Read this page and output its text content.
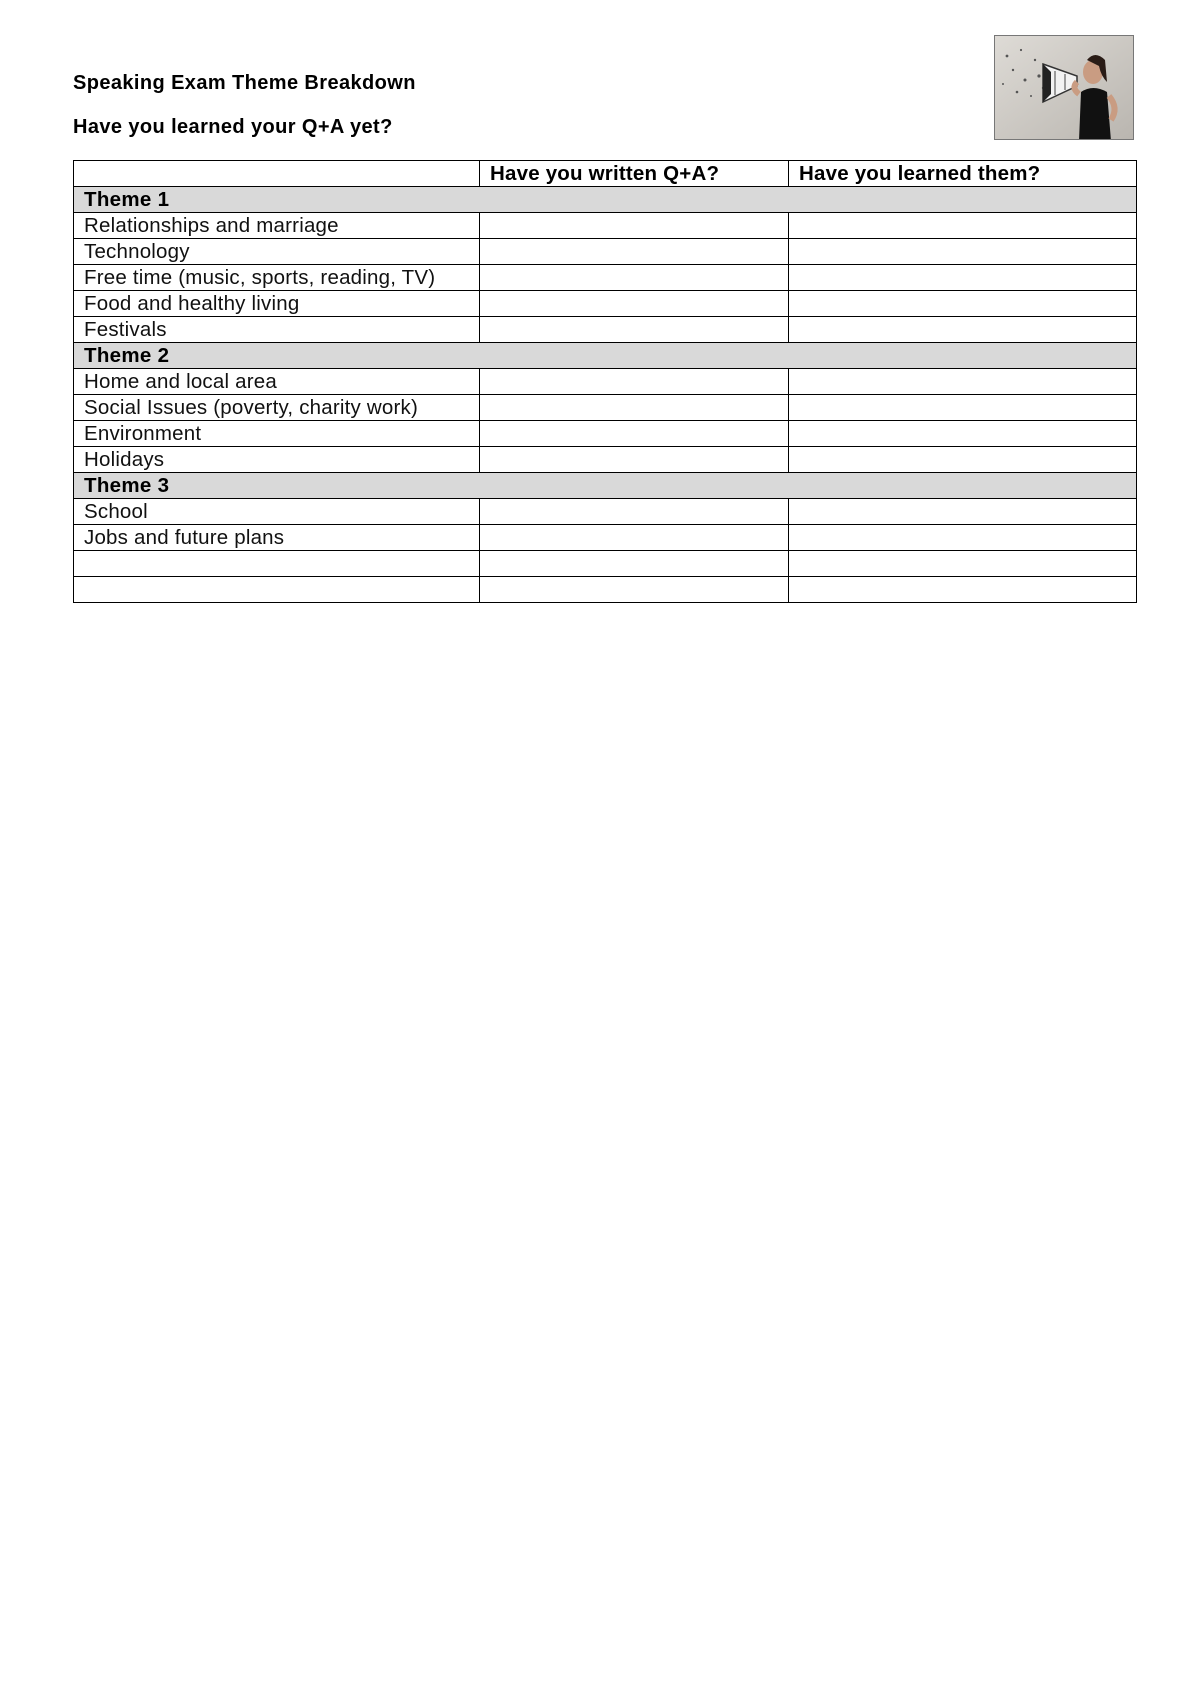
Speaking Exam Theme Breakdown
Have you learned your Q+A yet?
	Have you written Q+A?	Have you learned them?
Theme 1		
Relationships and marriage		
Technology		
Free time (music, sports, reading, TV)		
Food and healthy living		
Festivals		
Theme 2		
Home and local area		
Social Issues (poverty, charity work)		
Environment		
Holidays		
Theme 3		
School		
Jobs and future plans		
